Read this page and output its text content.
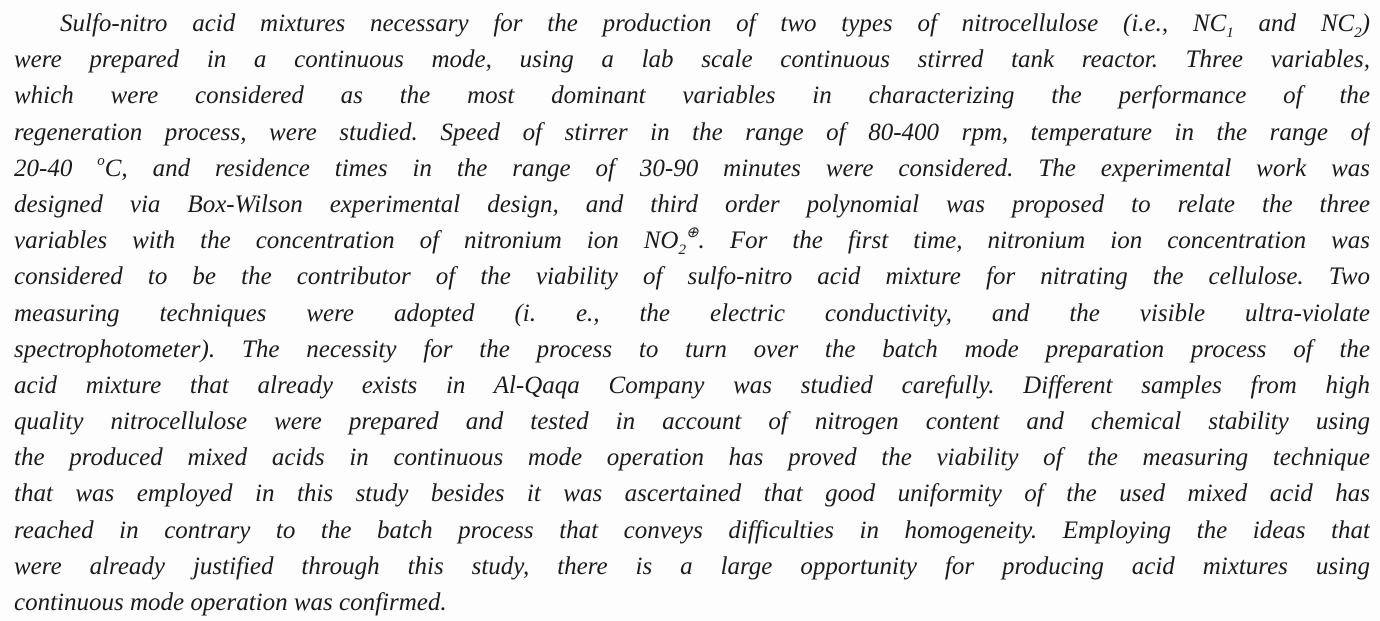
Sulfo-nitro acid mixtures necessary for the production of two types of nitrocellulose (i.e., $NC_1$ and $NC_2$)
were prepared in a continuous mode, using a lab scale continuous stirred tank reactor. Three variables,
which were considered as the most dominant variables in characterizing the performance of the
regeneration process, were studied. Speed of stirrer in the range of 80-400 rpm, temperature in the range of
20-40 $^o$C, and residence times in the range of 30-90 minutes were considered. The experimental work was
designed via Box-Wilson experimental design, and third order polynomial was proposed to relate the three
variables with the concentration of nitronium ion $NO_2^\oplus$. For the first time, nitronium ion concentration was
considered to be the contributor of the viability of sulfo-nitro acid mixture for nitrating the cellulose. Two
measuring techniques were adopted (i. e., the electric conductivity, and the visible ultra-violate
spectrophotometer). The necessity for the process to turn over the batch mode preparation process of the
acid mixture that already exists in Al-Qaqa Company was studied carefully. Different samples from high
quality nitrocellulose were prepared and tested in account of nitrogen content and chemical stability using
the produced mixed acids in continuous mode operation has proved the viability of the measuring technique
that was employed in this study besides it was ascertained that good uniformity of the used mixed acid has
reached in contrary to the batch process that conveys difficulties in homogeneity. Employing the ideas that
were already justified through this study, there is a large opportunity for producing acid mixtures using
continuous mode operation was confirmed.
